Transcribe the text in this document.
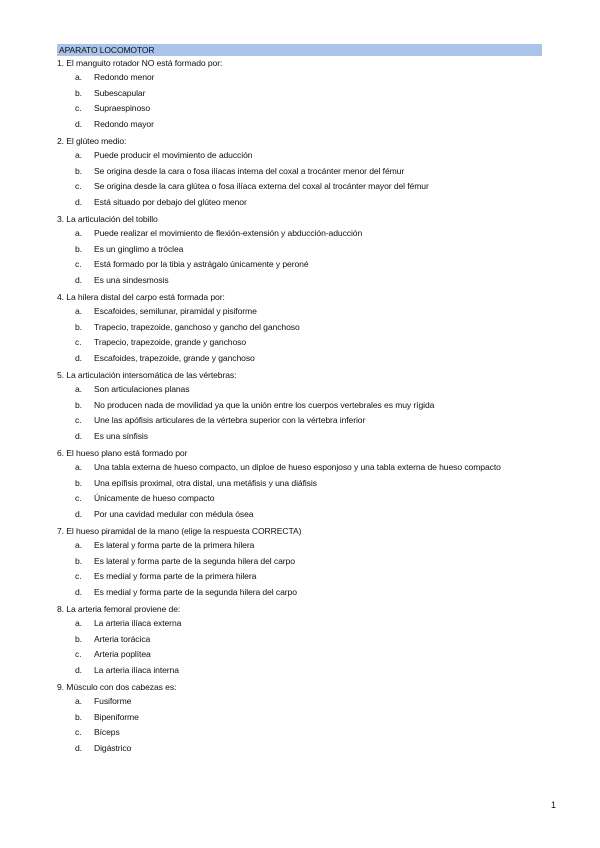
APARATO LOCOMOTOR
1. El manguito rotador NO está formado por:
a. Redondo menor
b. Subescapular
c. Supraespinoso
d. Redondo mayor
2. El glúteo medio:
a. Puede producir el movimiento de aducción
b. Se origina desde la cara o fosa ilíacas interna del coxal a trocánter menor del fémur
c. Se origina desde la cara glútea o fosa ilíaca externa del coxal al trocánter mayor del fémur
d. Está situado por debajo del glúteo menor
3. La articulación del tobillo
a. Puede realizar el movimiento de flexión-extensión y abducción-aducción
b. Es un ginglimo a tróclea
c. Está formado por la tibia y astrágalo únicamente y peroné
d. Es una sindesmosis
4. La hilera distal del carpo está formada por:
a. Escafoides, semilunar, piramidal y pisiforme
b. Trapecio, trapezoide, ganchoso y gancho del ganchoso
c. Trapecio, trapezoide, grande y ganchoso
d. Escafoides, trapezoide, grande y ganchoso
5. La articulación intersomática de las vértebras:
a. Son articulaciones planas
b. No producen nada de movilidad ya que la unión entre los cuerpos vertebrales es muy rígida
c. Une las apófisis articulares de la vértebra superior con la vértebra inferior
d. Es una sínfisis
6. El hueso plano está formado por
a. Una tabla externa de hueso compacto, un diploe de hueso esponjoso y una tabla externa de hueso compacto
b. Una epífisis proximal, otra distal, una metáfisis y una diáfisis
c. Únicamente de hueso compacto
d. Por una cavidad medular con médula ósea
7. El hueso piramidal de la mano (elige la respuesta CORRECTA)
a. Es lateral y forma parte de la primera hilera
b. Es lateral y forma parte de la segunda hilera del carpo
c. Es medial y forma parte de la primera hilera
d. Es medial y forma parte de la segunda hilera del carpo
8. La arteria femoral proviene de:
a. La arteria ilíaca externa
b. Arteria torácica
c. Arteria poplítea
d. La arteria ilíaca interna
9. Músculo con dos cabezas es:
a. Fusiforme
b. Bipeniforme
c. Bíceps
d. Digástrico
1
